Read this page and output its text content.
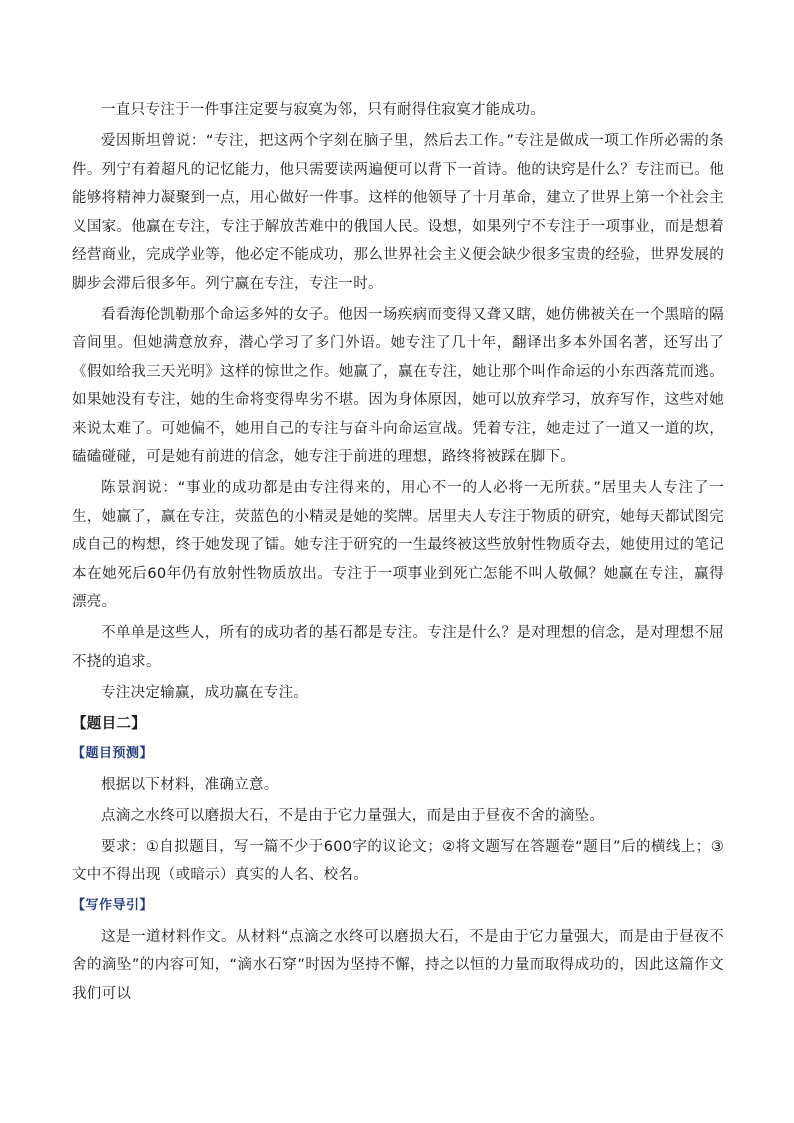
一直只专注于一件事注定要与寂寞为邻，只有耐得住寂寞才能成功。

爱因斯坦曾说：“专注，把这两个字刻在脑子里，然后去工作。”专注是做成一项工作所必需的条件。列宁有着超凡的记忆能力，他只需要读两遍便可以背下一首诗。他的诀窍是什么？专注而已。他能够将精神力凝聚到一点，用心做好一件事。这样的他领导了十月革命，建立了世界上第一个社会主义国家。他赢在专注，专注于解放苦难中的俄国人民。设想，如果列宁不专注于一项事业，而是想着经营商业，完成学业等，他必定不能成功，那么世界社会主义便会缺少很多宝贵的经验，世界发展的脚步会滞后很多年。列宁赢在专注，专注一时。

看看海伦凯勒那个命运多舛的女子。他因一场疾病而变得又聋又瞎，她仿佛被关在一个黑暗的隔音间里。但她满意放弃，潜心学习了多门外语。她专注了几十年，翻译出多本外国名著，还写出了《假如给我三天光明》这样的惊世之作。她赢了，赢在专注，她让那个叫作命运的小东西落荒而逃。如果她没有专注，她的生命将变得卑劣不堪。因为身体原因，她可以放弃学习，放弃写作，这些对她来说太难了。可她偏不，她用自己的专注与奋斗向命运宣战。凭着专注，她走过了一道又一道的坎，磕磕碰碰，可是她有前进的信念，她专注于前进的理想，路终将被踩在脚下。

陈景润说：“事业的成功都是由专注得来的，用心不一的人必将一无所获。”居里夫人专注了一生，她赢了，赢在专注，荧蓝色的小精灵是她的奖牌。居里夫人专注于物质的研究，她每天都试图完成自己的构想，终于她发现了镭。她专注于研究的一生最终被这些放射性物质夺去，她使用过的笔记本在她死后60年仍有放射性物质放出。专注于一项事业到死亡怎能不叫人敬佩？她赢在专注，赢得漂亮。

不单单是这些人，所有的成功者的基石都是专注。专注是什么？是对理想的信念，是对理想不屈不挠的追求。

专注决定输赢，成功赢在专注。

【题目二】
【题目预测】

根据以下材料，准确立意。

点滴之水终可以磨损大石，不是由于它力量强大，而是由于昼夜不舍的滴坠。

要求：①自拟题目，写一篇不少于600字的议论文；②将文题写在答题卷“题目”后的横线上；③文中不得出现（或暗示）真实的人名、校名。

【写作导引】

这是一道材料作文。从材料“点滴之水终可以磨损大石，不是由于它力量强大，而是由于昼夜不舍的滴坠”的内容可知，“滴水石穿”时因为坚持不懈，持之以恒的力量而取得成功的，因此这篇作文我们可以
